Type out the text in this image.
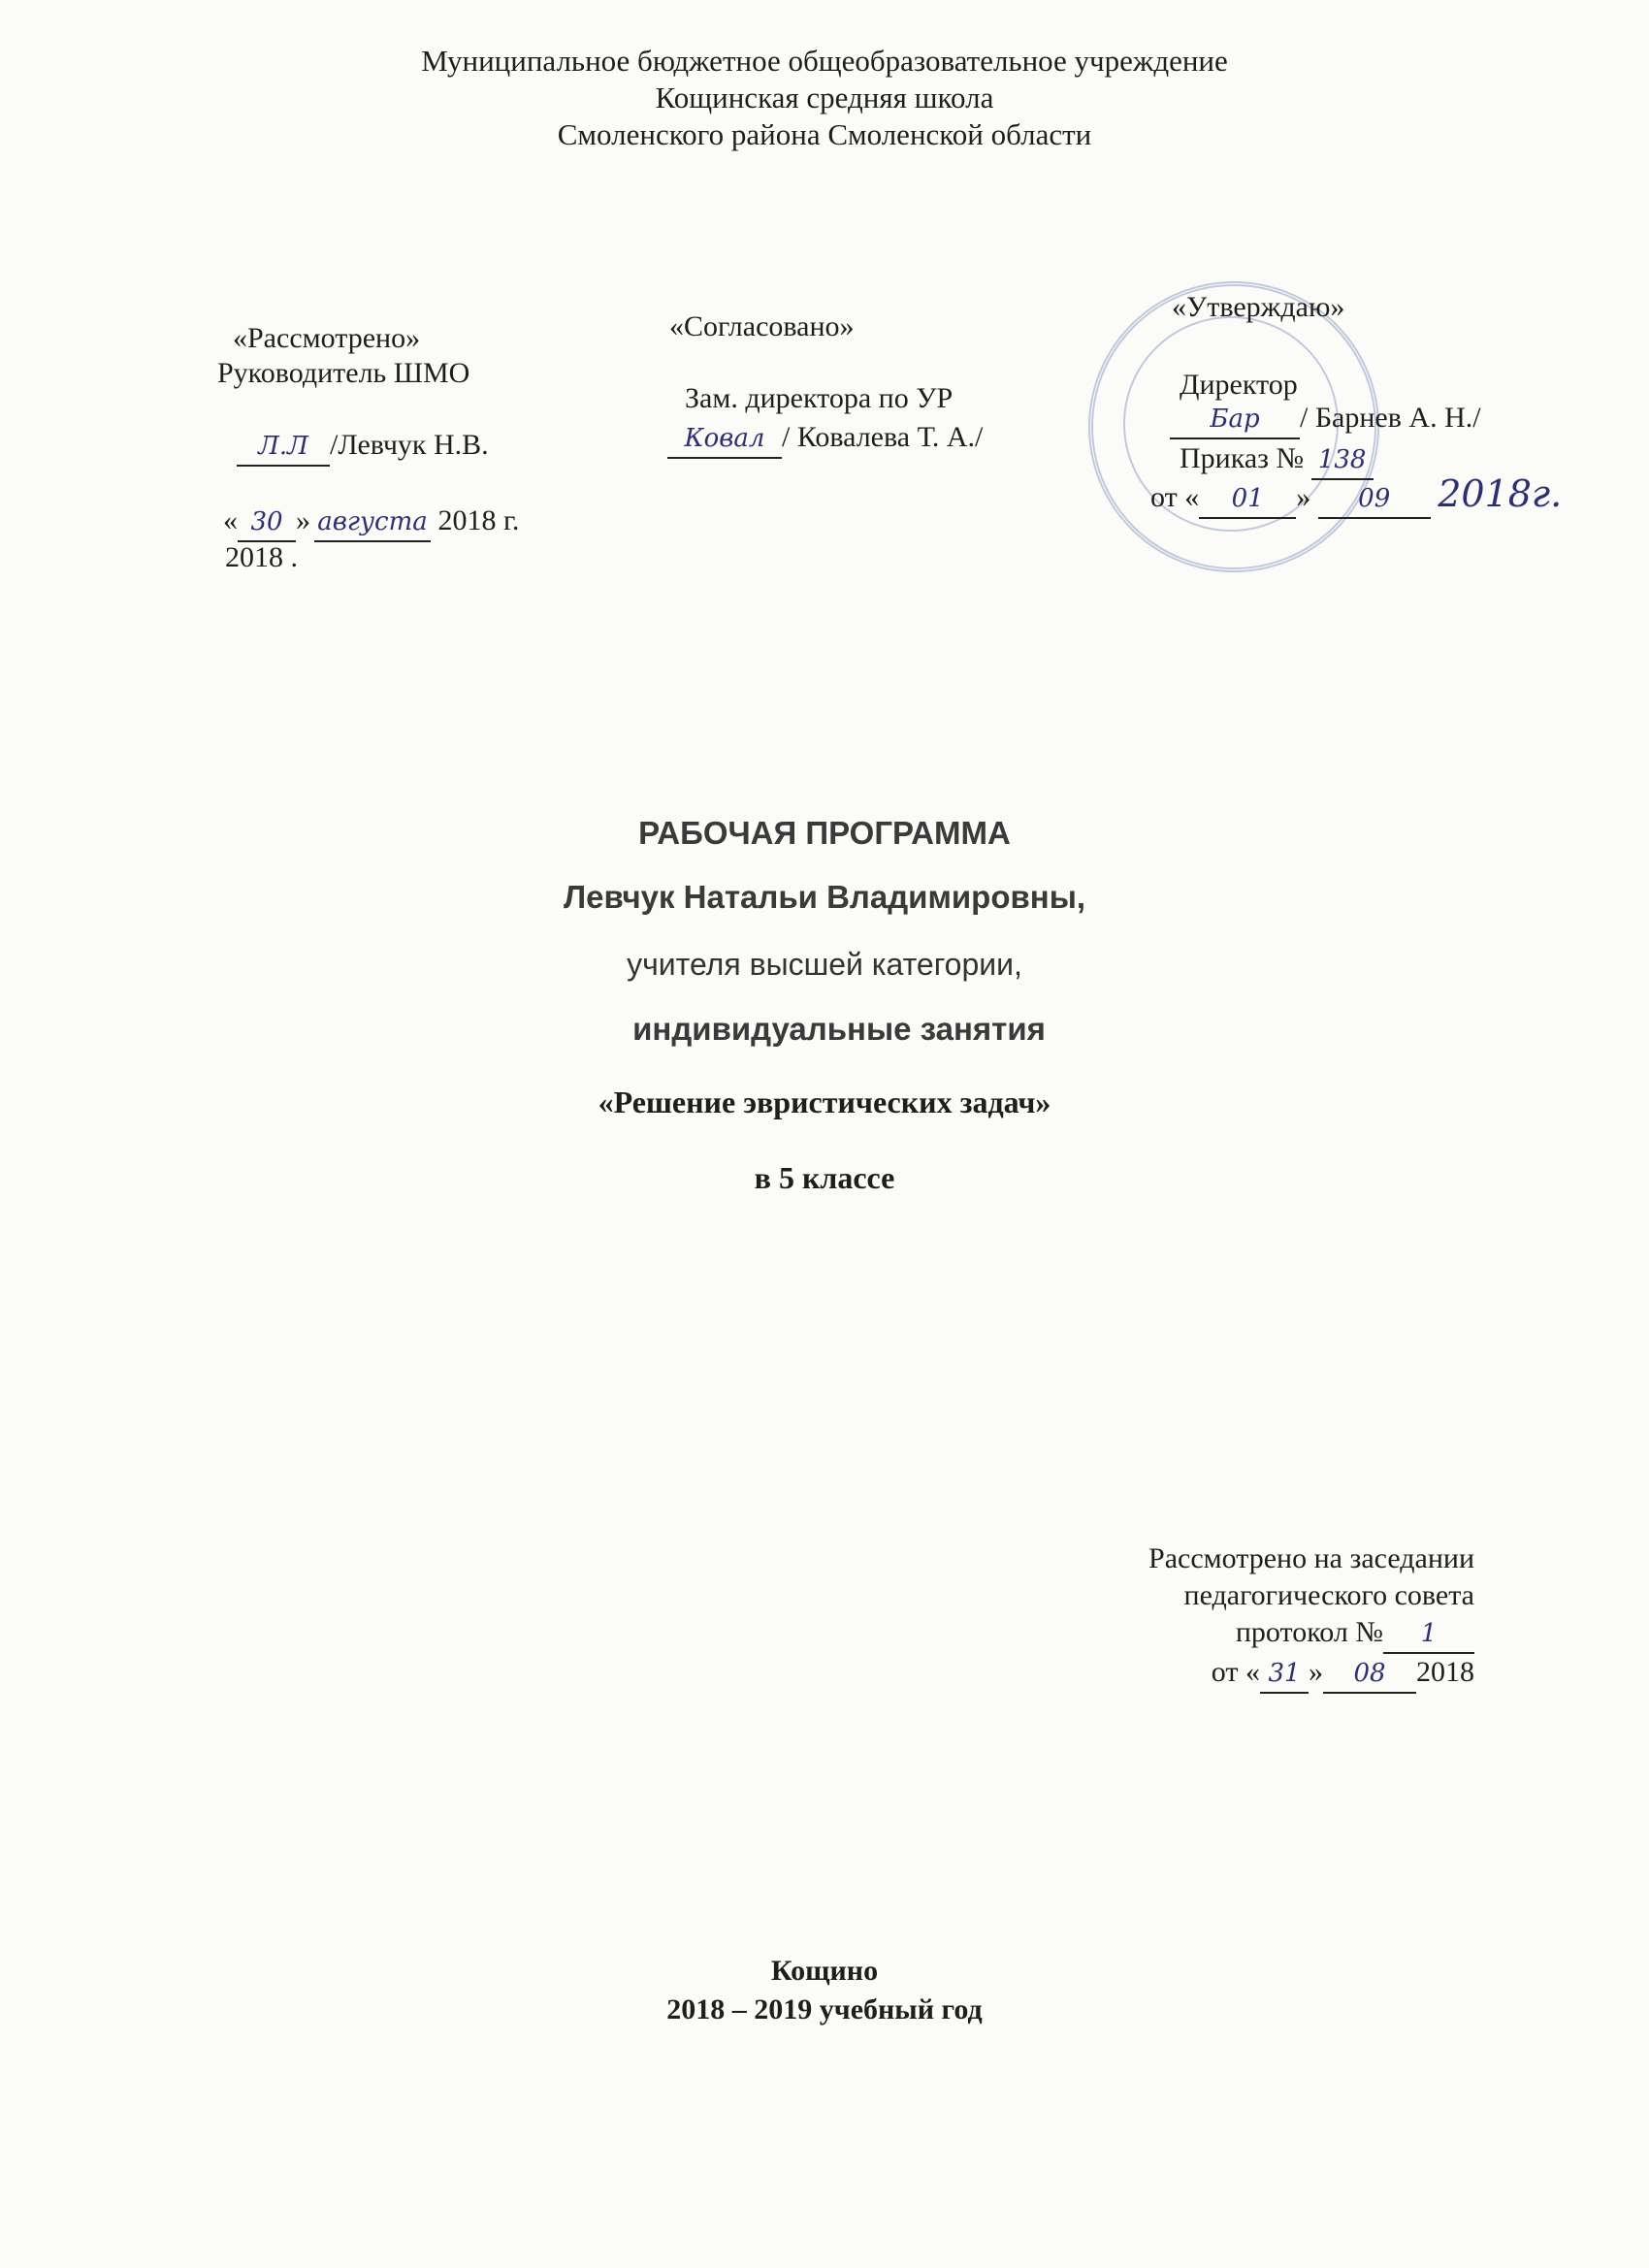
Муниципальное бюджетное общеобразовательное учреждение
Кощинская средняя школа
Смоленского района Смоленской области
«Рассмотрено»
Руководитель ШМО
Л.Л /Левчук Н.В.
« 30 » августа 2018 г.
2018 .
«Согласовано»
Зам. директора по УР
Ковал / Ковалева Т. А./
«Утверждаю»
Директор
Бар / Барнев А. Н./
Приказ № 138
от « 01 » 09 2018г.
РАБОЧАЯ ПРОГРАММА
Левчук Натальи Владимировны,
учителя высшей категории,
индивидуальные занятия
«Решение эвристических задач»
в 5 классе
Рассмотрено на заседании
педагогического совета
протокол № 1
от « 31 » 08 2018
Кощино
2018 – 2019 учебный год
